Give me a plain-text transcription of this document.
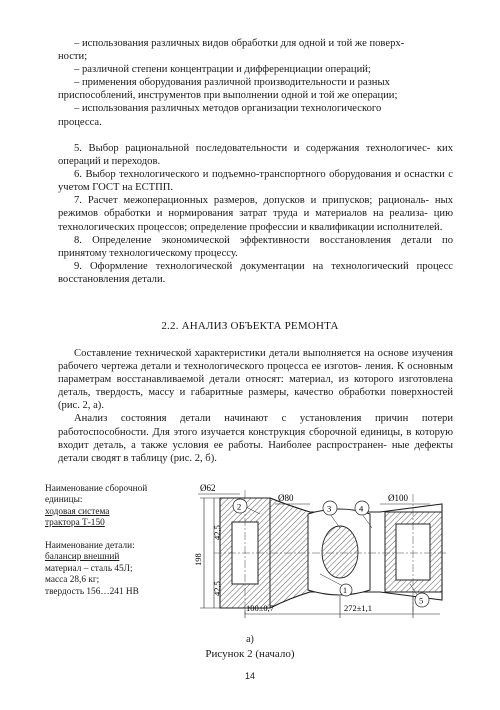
– использования различных видов обработки для одной и той же поверх-
ности;
– различной степени концентрации и дифференциации операций;
– применения оборудования различной производительности и разных
приспособлений, инструментов при выполнении одной и той же операции;
– использования различных методов организации технологического
процесса.

5. Выбор рациональной последовательности и содержания технологичес- ких операций и переходов.

6. Выбор технологического и подъемно-транспортного оборудования и оснастки с учетом ГОСТ на ЕСТПП.

7. Расчет межоперационных размеров, допусков и припусков; рациональ- ных режимов обработки и нормирования затрат труда и материалов на реализа- цию технологических процессов; определение профессии и квалификации исполнителей.

8. Определение экономической эффективности восстановления детали по принятому технологическому процессу.

9. Оформление технологической документации на технологический процесс восстановления детали.

2.2. АНАЛИЗ ОБЪЕКТА РЕМОНТА

Составление технической характеристики детали выполняется на основе изучения рабочего чертежа детали и технологического процесса ее изготов- ления. К основным параметрам восстанавливаемой детали относят: материал, из которого изготовлена деталь, твердость, массу и габаритные размеры, качество обработки поверхностей (рис. 2, а).

Анализ состояния детали начинают с установления причин потери работоспособности. Для этого изучается конструкция сборочной единицы, в которую входит деталь, а также условия ее работы. Наиболее распространен- ные дефекты детали сводят в таблицу (рис. 2, б).

Наименование сборочной единицы:
ходовая система
трактора Т-150
Наименование детали:
балансир внешний
материал – сталь 45Л;
масса 28,6 кг;
твердость 156…241 НВ
Ø62
Ø80	Ø100
42,5
42,5
198
100±0,7	272±1,1
1
2	3	4
5
а)
Рисунок 2 (начало)
14
